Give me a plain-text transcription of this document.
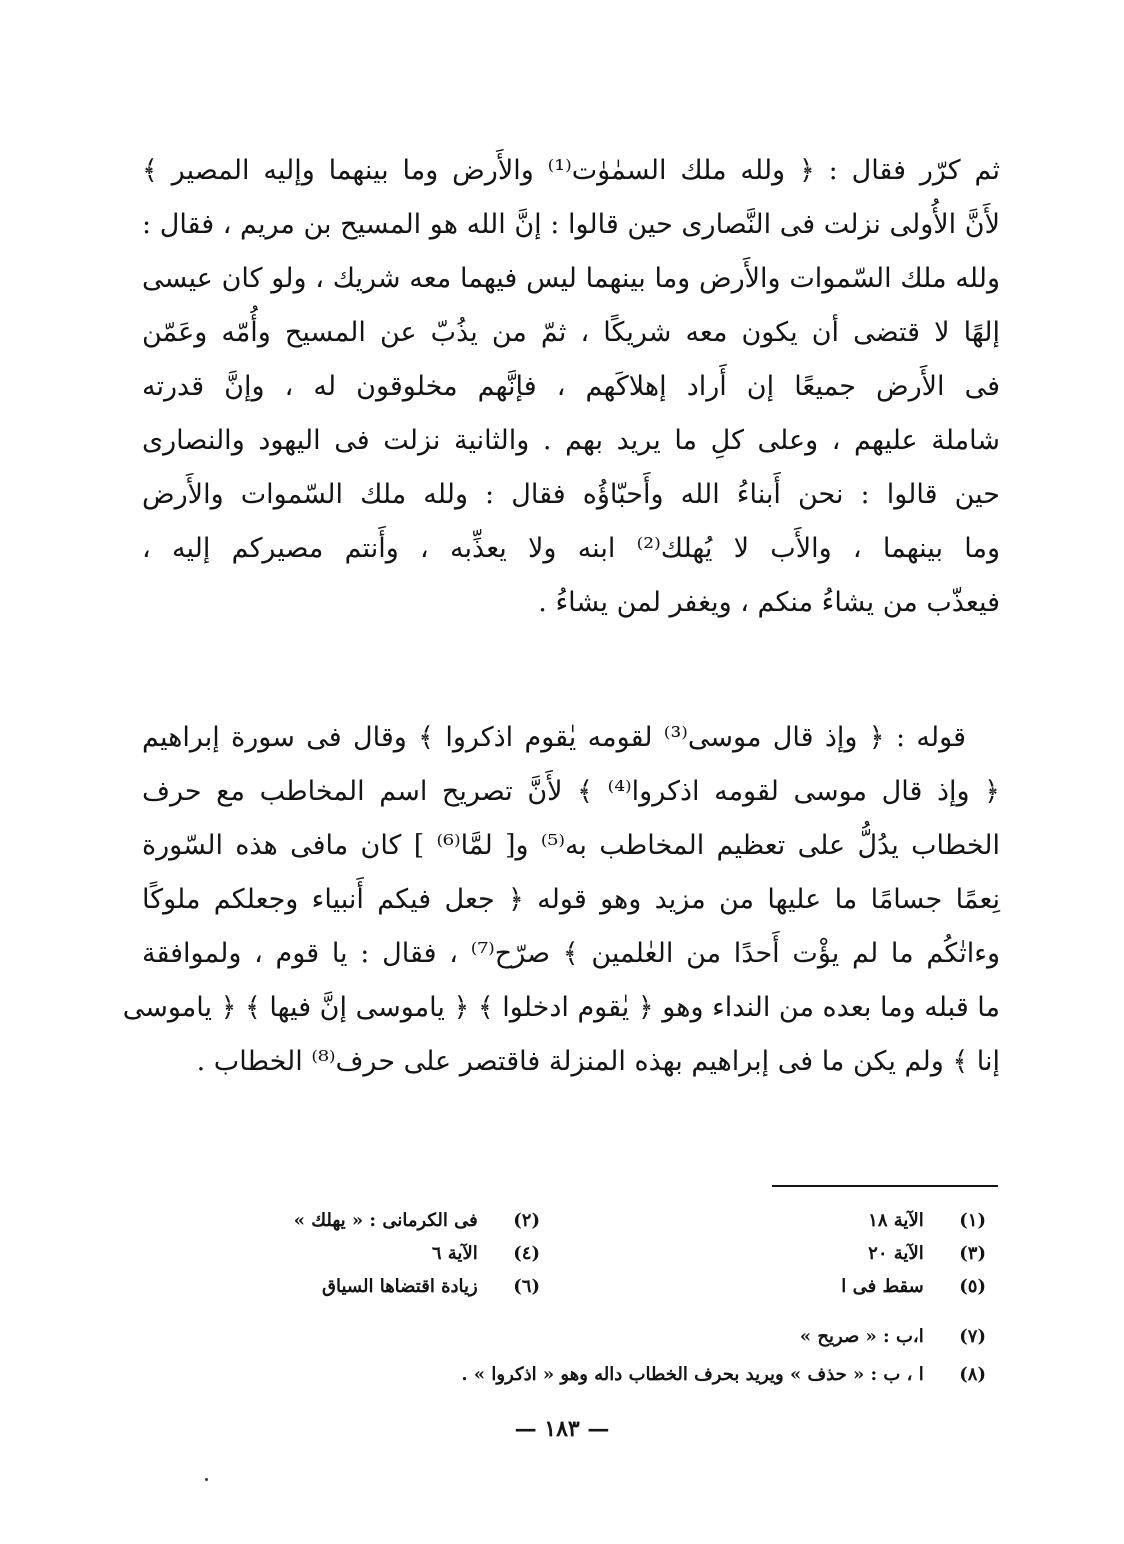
ثم كرّر فقال : ﴿ ولله ملك السمٰوٰت⁽¹⁾ والأَرض وما بينهما وإليه المصير ﴾
لأَنَّ الأُولى نزلت فى النَّصارى حين قالوا : إنَّ الله هو المسيح بن مريم ، فقال :
ولله ملك السّموات والأَرض وما بينهما ليس فيهما معه شريك ، ولو كان عيسى
إلهًا لا قتضى أن يكون معه شريكًا ، ثمّ من يذُبّ عن المسيح وأُمّه وعَمّن
فى الأَرض جميعًا إن أَراد إهلاكَهم ، فإنَّهم مخلوقون له ، وإنَّ قدرته
شاملة عليهم ، وعلى كلِ ما يريد بهم . والثانية نزلت فى اليهود والنصارى
حين قالوا : نحن أَبناءُ الله وأَحبّاؤُه فقال : ولله ملك السّموات والأَرض
وما بينهما ، والأَب لا يُهلك⁽²⁾ ابنه ولا يعذِّبه ، وأَنتم مصيركم إليه ،
فيعذّب من يشاءُ منكم ، ويغفر لمن يشاءُ .
قوله : ﴿ وإذ قال موسى⁽³⁾ لقومه يٰقوم اذكروا ﴾ وقال فى سورة إبراهيم
﴿ وإذ قال موسى لقومه اذكروا⁽⁴⁾ ﴾ لأَنَّ تصريح اسم المخاطب مع حرف
الخطاب يدُلُّ على تعظيم المخاطب به⁽⁵⁾ و[ لمَّا⁽⁶⁾ ] كان مافى هذه السّورة
نِعمًا جسامًا ما عليها من مزيد وهو قوله ﴿ جعل فيكم أَنبياء وجعلكم ملوكًا
وءاتٰكُم ما لم يؤْت أَحدًا من العٰلمين ﴾ صرّح⁽⁷⁾ ، فقال : يا قوم ، ولموافقة
ما قبله وما بعده من النداء وهو ﴿ يٰقوم ادخلوا ﴾ ﴿ ياموسى إنَّ فيها ﴾ ﴿ ياموسى
إنا ﴾ ولم يكن ما فى إبراهيم بهذه المنزلة فاقتصر على حرف⁽⁸⁾ الخطاب .
(١) الآية ١٨
(٢) فى الكرمانى : « يهلك »
(٣) الآية ٢٠
(٤) الآية ٦
(٥) سقط فى ا
(٦) زيادة اقتضاها السياق
(٧) ا،ب : « صريح »
(٨) ا ، ب : « حذف » ويريد بحرف الخطاب داله وهو « اذكروا » .
— ١٨٣ —
